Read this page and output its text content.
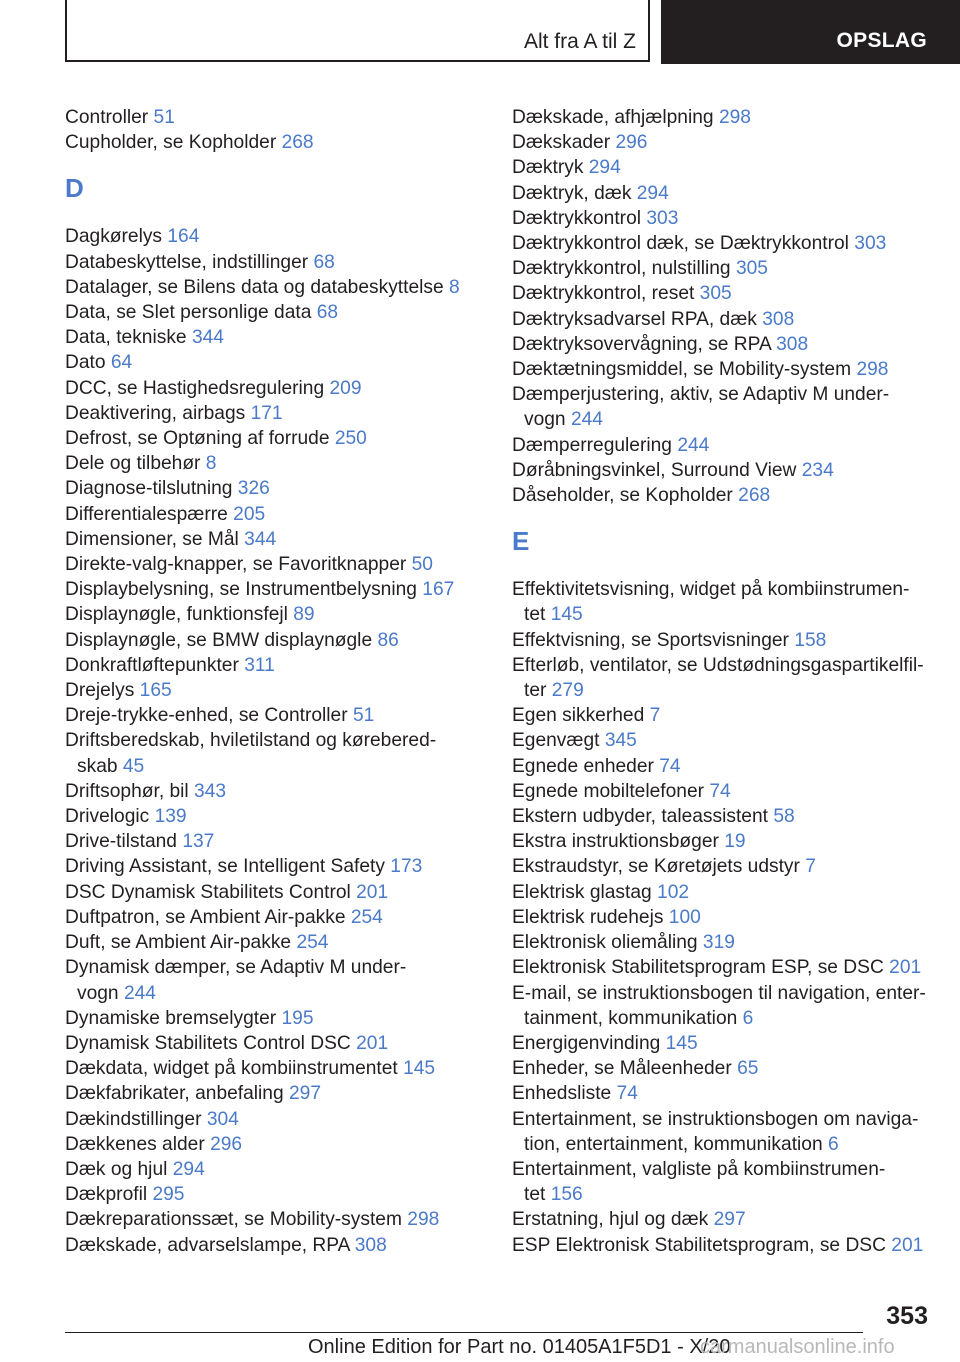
Alt fra A til Z	OPSLAG
Controller 51
Cupholder, se Kopholder 268
D
Dagkørelys 164
Databeskyttelse, indstillinger 68
Datalager, se Bilens data og databeskyttelse 8
Data, se Slet personlige data 68
Data, tekniske 344
Dato 64
DCC, se Hastighedsregulering 209
Deaktivering, airbags 171
Defrost, se Optøning af forrude 250
Dele og tilbehør 8
Diagnose-tilslutning 326
Differentialespærre 205
Dimensioner, se Mål 344
Direkte-valg-knapper, se Favoritknapper 50
Displaybelysning, se Instrumentbelysning 167
Displaynøgle, funktionsfejl 89
Displaynøgle, se BMW displaynøgle 86
Donkraftløftepunkter 311
Drejelys 165
Dreje-trykke-enhed, se Controller 51
Driftsberedskab, hviletilstand og kørebered-
skab 45
Driftsophør, bil 343
Drivelogic 139
Drive-tilstand 137
Driving Assistant, se Intelligent Safety 173
DSC Dynamisk Stabilitets Control 201
Duftpatron, se Ambient Air-pakke 254
Duft, se Ambient Air-pakke 254
Dynamisk dæmper, se Adaptiv M under-
vogn 244
Dynamiske bremselygter 195
Dynamisk Stabilitets Control DSC 201
Dækdata, widget på kombiinstrumentet 145
Dækfabrikater, anbefaling 297
Dækindstillinger 304
Dækkenes alder 296
Dæk og hjul 294
Dækprofil 295
Dækreparationssæt, se Mobility-system 298
Dækskade, advarselslampe, RPA 308
Dækskade, afhjælpning 298
Dækskader 296
Dæktryk 294
Dæktryk, dæk 294
Dæktrykkontrol 303
Dæktrykkontrol dæk, se Dæktrykkontrol 303
Dæktrykkontrol, nulstilling 305
Dæktrykkontrol, reset 305
Dæktryksadvarsel RPA, dæk 308
Dæktryksovervågning, se RPA 308
Dæktætningsmiddel, se Mobility-system 298
Dæmperjustering, aktiv, se Adaptiv M under-
vogn 244
Dæmperregulering 244
Døråbningsvinkel, Surround View 234
Dåseholder, se Kopholder 268
E
Effektivitetsvisning, widget på kombiinstrumen-
tet 145
Effektvisning, se Sportsvisninger 158
Efterløb, ventilator, se Udstødningsgaspartikelfil-
ter 279
Egen sikkerhed 7
Egenvægt 345
Egnede enheder 74
Egnede mobiltelefoner 74
Ekstern udbyder, taleassistent 58
Ekstra instruktionsbøger 19
Ekstraudstyr, se Køretøjets udstyr 7
Elektrisk glastag 102
Elektrisk rudehejs 100
Elektronisk oliemåling 319
Elektronisk Stabilitetsprogram ESP, se DSC 201
E-mail, se instruktionsbogen til navigation, enter-
tainment, kommunikation 6
Energigenvinding 145
Enheder, se Måleenheder 65
Enhedsliste 74
Entertainment, se instruktionsbogen om naviga-
tion, entertainment, kommunikation 6
Entertainment, valgliste på kombiinstrumen-
tet 156
Erstatning, hjul og dæk 297
ESP Elektronisk Stabilitetsprogram, se DSC 201
353
Online Edition for Part no. 01405A1F5D1 - X/20
carmanualsonline.info
